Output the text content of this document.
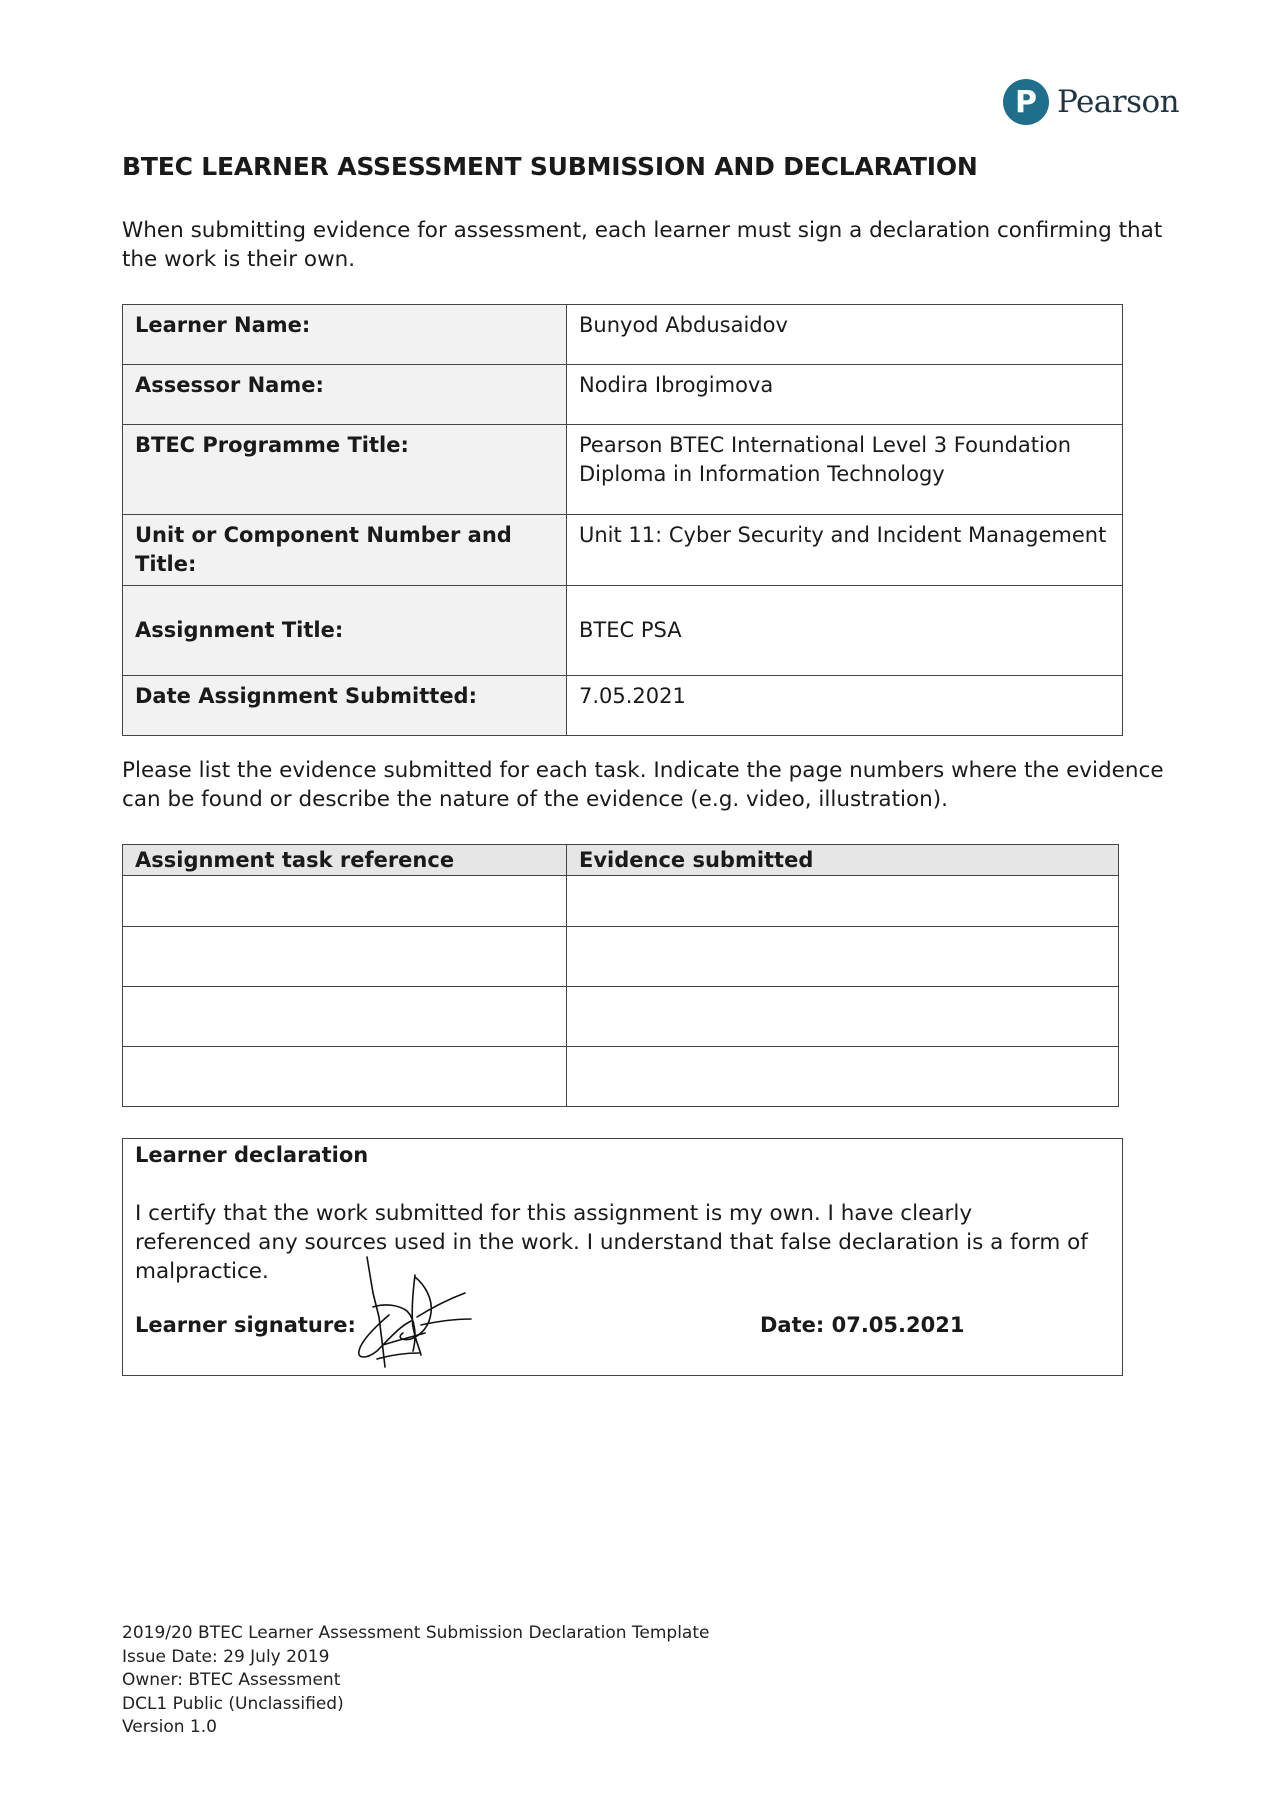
P Pearson
BTEC LEARNER ASSESSMENT SUBMISSION AND DECLARATION

When submitting evidence for assessment, each learner must sign a declaration confirming that the work is their own.

Learner Name:	Bunyod Abdusaidov
Assessor Name:	Nodira Ibrogimova
BTEC Programme Title:	Pearson BTEC International Level 3 Foundation Diploma in Information Technology
Unit or Component Number and Title:	Unit 11: Cyber Security and Incident Management
Assignment Title:	BTEC PSA
Date Assignment Submitted:	7.05.2021

Please list the evidence submitted for each task. Indicate the page numbers where the evidence can be found or describe the nature of the evidence (e.g. video, illustration).

Assignment task reference	Evidence submitted

Learner declaration

I certify that the work submitted for this assignment is my own. I have clearly referenced any sources used in the work. I understand that false declaration is a form of malpractice.

Learner signature:	Date: 07.05.2021
2019/20 BTEC Learner Assessment Submission Declaration Template
Issue Date: 29 July 2019
Owner: BTEC Assessment
DCL1 Public (Unclassified)
Version 1.0
